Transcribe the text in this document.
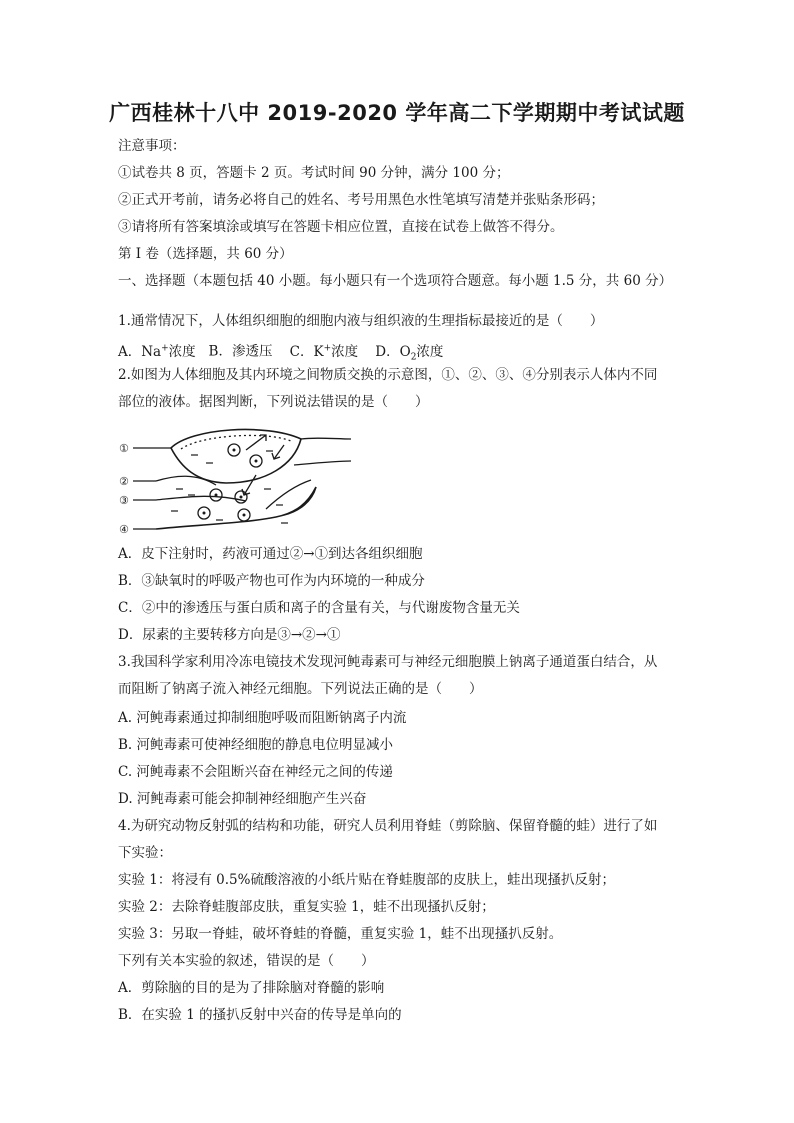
广西桂林十八中 2019-2020 学年高二下学期期中考试试题

注意事项：

①试卷共 8 页，答题卡 2 页。考试时间 90 分钟，满分 100 分；

②正式开考前，请务必将自己的姓名、考号用黑色水性笔填写清楚并张贴条形码；

③请将所有答案填涂或填写在答题卡相应位置，直接在试卷上做答不得分。

第 I 卷（选择题，共 60 分）

一、选择题（本题包括 40 小题。每小题只有一个选项符合题意。每小题 1.5 分，共 60 分）

1.通常情况下，人体组织细胞的细胞内液与组织液的生理指标最接近的是（　　）

A．Na+浓度 B．渗透压 C．K+浓度 D．$O_2$浓度

2.如图为人体细胞及其内环境之间物质交换的示意图，①、②、③、④分别表示人体内不同

部位的液体。据图判断，下列说法错误的是（　　）

①
②
③
④

A．皮下注射时，药液可通过②→①到达各组织细胞

B．③缺氧时的呼吸产物也可作为内环境的一种成分

C．②中的渗透压与蛋白质和离子的含量有关，与代谢废物含量无关

D．尿素的主要转移方向是③→②→①

3.我国科学家利用冷冻电镜技术发现河鲀毒素可与神经元细胞膜上钠离子通道蛋白结合，从

而阻断了钠离子流入神经元细胞。下列说法正确的是（　　）

A. 河鲀毒素通过抑制细胞呼吸而阻断钠离子内流

B. 河鲀毒素可使神经细胞的静息电位明显减小

C. 河鲀毒素不会阻断兴奋在神经元之间的传递

D. 河鲀毒素可能会抑制神经细胞产生兴奋

4.为研究动物反射弧的结构和功能，研究人员利用脊蛙（剪除脑、保留脊髓的蛙）进行了如

下实验：

实验 1：将浸有 0.5%硫酸溶液的小纸片贴在脊蛙腹部的皮肤上，蛙出现搔扒反射；

实验 2：去除脊蛙腹部皮肤，重复实验 1，蛙不出现搔扒反射；

实验 3：另取一脊蛙，破坏脊蛙的脊髓，重复实验 1，蛙不出现搔扒反射。

下列有关本实验的叙述，错误的是（　　）

A．剪除脑的目的是为了排除脑对脊髓的影响

B．在实验 1 的搔扒反射中兴奋的传导是单向的
